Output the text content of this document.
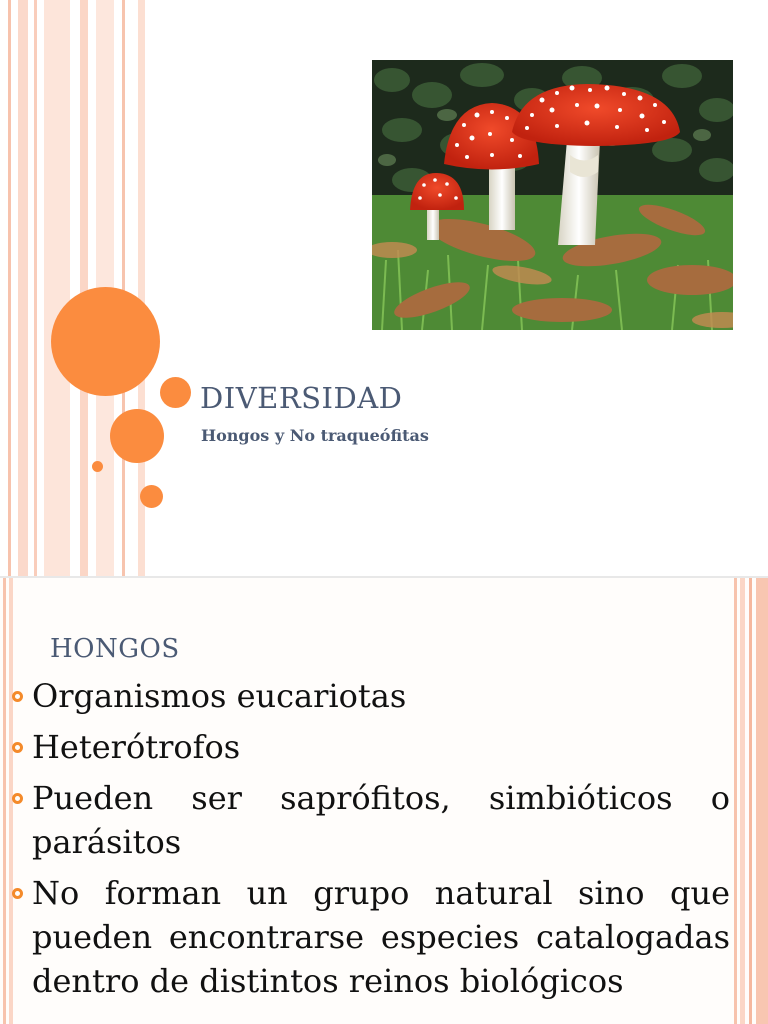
DIVERSIDAD
Hongos y No traqueófitas
HONGOS
Organismos eucariotas
Heterótrofos
Pueden ser saprófitos, simbióticos o parásitos
No forman un grupo natural sino que pueden encontrarse especies catalogadas dentro de distintos reinos biológicos
